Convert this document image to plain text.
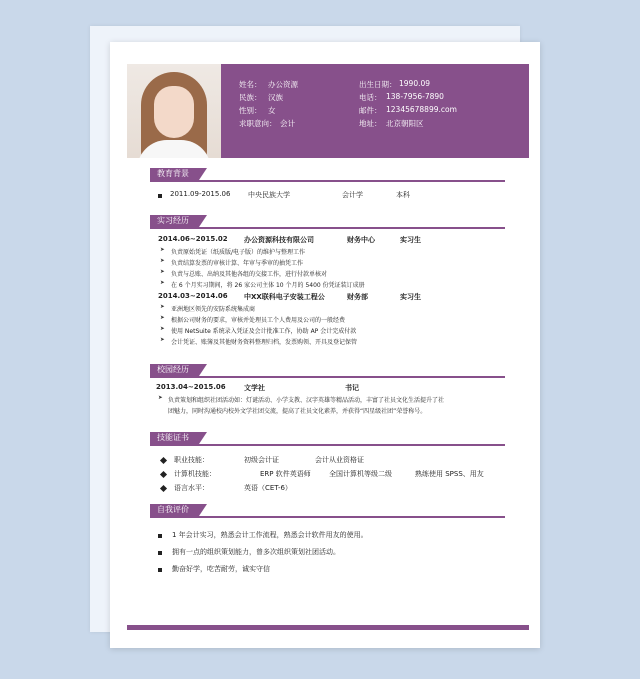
姓名： 办公资源
民族： 汉族
性别： 女
求职意向： 会计
出生日期： 1990.09
电话： 138-7956-7890
邮件： 12345678899.com
地址： 北京朝阳区
教育背景
2011.09-2015.06	中央民族大学	会计学	本科
实习经历
2014.06~2015.02 办公资源科技有限公司	财务中心	实习生
➤ 负责原始凭证（纸质版/电子版）的维护与整理工作
➤ 负责结算发票的审核计算、年审与季审的抽凭工作
➤ 负责与总账、出纳及其他各组的交接工作，进行付款单核对
➤ 在 6 个月实习期间，将 26 家公司主体 10 个月的 5400 份凭证装订成册
2014.03~2014.06 中XX联科电子安装工程公	财务部	实习生
➤ 亚洲地区领先的安防系统集成商
➤ 根据公司财务的要求，审核并处理员工个人费用及公司的一般经费
➤ 使用 NetSuite 系统录入凭证及会计批准工作，协助 AP 会计完成付款
➤ 会计凭证、账簿及其他财务资料整理归档，发票购领、开具及登记保管
校园经历
2013.04~2015.06	文学社	书记
➤ 负责策划和组织社团活动如：灯谜活动、小学支教、汉字英雄等精品活动，丰富了社员文化生活提升了社
团魅力，同时沟通校内校外文学社团交流，提高了社员文化素养，并获得“四星级社团”荣誉称号。
技能证书
职业技能：	初级会计证	会计从业资格证
计算机技能：	ERP 软件英语师	全国计算机等级二级	熟练使用 SPSS、用友
语言水平：	英语（CET-6）
自我评价
1 年会计实习，熟悉会计工作流程，熟悉会计软件用友的使用。
拥有一点的组织策划能力，曾多次组织策划社团活动。
勤奋好学，吃苦耐劳，诚实守信
